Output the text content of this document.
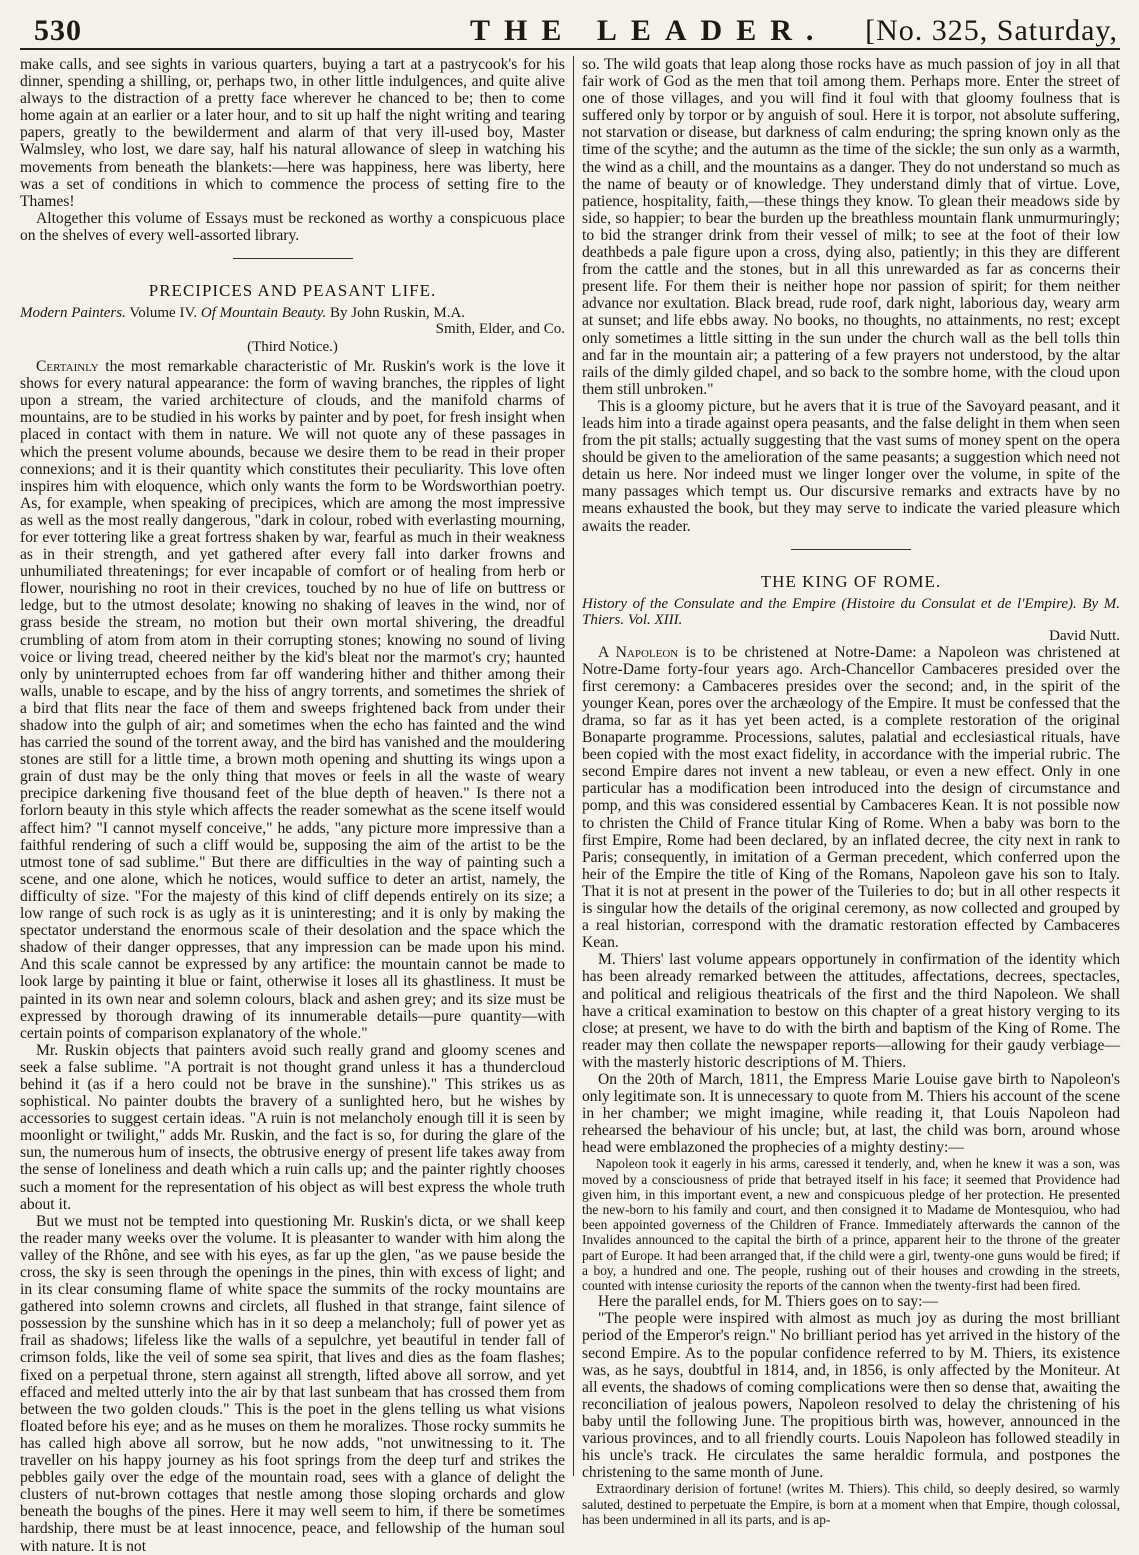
530	THE LEADER. [No. 325, Saturday,

make calls, and see sights in various quarters, buying a tart at a pastrycook's for his dinner, spending a shilling, or, perhaps two, in other little indulgences, and quite alive always to the distraction of a pretty face wherever he chanced to be; then to come home again at an earlier or a later hour, and to sit up half the night writing and tearing papers, greatly to the bewilderment and alarm of that very ill-used boy, Master Walmsley, who lost, we dare say, half his natural allowance of sleep in watching his movements from beneath the blankets:—here was happiness, here was liberty, here was a set of conditions in which to commence the process of setting fire to the Thames!

Altogether this volume of Essays must be reckoned as worthy a conspicuous place on the shelves of every well-assorted library.

PRECIPICES AND PEASANT LIFE.
Modern Painters. Volume IV. Of Mountain Beauty. By John Ruskin, M.A.
Smith, Elder, and Co.
(Third Notice.)

Certainly the most remarkable characteristic of Mr. Ruskin's work is the love it shows for every natural appearance: the form of waving branches, the ripples of light upon a stream, the varied architecture of clouds, and the manifold charms of mountains, are to be studied in his works by painter and by poet, for fresh insight when placed in contact with them in nature. We will not quote any of these passages in which the present volume abounds, because we desire them to be read in their proper connexions; and it is their quantity which constitutes their peculiarity. This love often inspires him with eloquence, which only wants the form to be Wordsworthian poetry. As, for example, when speaking of precipices, which are among the most impressive as well as the most really dangerous, "dark in colour, robed with everlasting mourning, for ever tottering like a great fortress shaken by war, fearful as much in their weakness as in their strength, and yet gathered after every fall into darker frowns and unhumiliated threatenings; for ever incapable of comfort or of healing from herb or flower, nourishing no root in their crevices, touched by no hue of life on buttress or ledge, but to the utmost desolate; knowing no shaking of leaves in the wind, nor of grass beside the stream, no motion but their own mortal shivering, the dreadful crumbling of atom from atom in their corrupting stones; knowing no sound of living voice or living tread, cheered neither by the kid's bleat nor the marmot's cry; haunted only by uninterrupted echoes from far off wandering hither and thither among their walls, unable to escape, and by the hiss of angry torrents, and sometimes the shriek of a bird that flits near the face of them and sweeps frightened back from under their shadow into the gulph of air; and sometimes when the echo has fainted and the wind has carried the sound of the torrent away, and the bird has vanished and the mouldering stones are still for a little time, a brown moth opening and shutting its wings upon a grain of dust may be the only thing that moves or feels in all the waste of weary precipice darkening five thousand feet of the blue depth of heaven." Is there not a forlorn beauty in this style which affects the reader somewhat as the scene itself would affect him? "I cannot myself conceive," he adds, "any picture more impressive than a faithful rendering of such a cliff would be, supposing the aim of the artist to be the utmost tone of sad sublime." But there are difficulties in the way of painting such a scene, and one alone, which he notices, would suffice to deter an artist, namely, the difficulty of size. "For the majesty of this kind of cliff depends entirely on its size; a low range of such rock is as ugly as it is uninteresting; and it is only by making the spectator understand the enormous scale of their desolation and the space which the shadow of their danger oppresses, that any impression can be made upon his mind. And this scale cannot be expressed by any artifice: the mountain cannot be made to look large by painting it blue or faint, otherwise it loses all its ghastliness. It must be painted in its own near and solemn colours, black and ashen grey; and its size must be expressed by thorough drawing of its innumerable details—pure quantity—with certain points of comparison explanatory of the whole."

Mr. Ruskin objects that painters avoid such really grand and gloomy scenes and seek a false sublime. "A portrait is not thought grand unless it has a thundercloud behind it (as if a hero could not be brave in the sunshine)." This strikes us as sophistical. No painter doubts the bravery of a sunlighted hero, but he wishes by accessories to suggest certain ideas. "A ruin is not melancholy enough till it is seen by moonlight or twilight," adds Mr. Ruskin, and the fact is so, for during the glare of the sun, the numerous hum of insects, the obtrusive energy of present life takes away from the sense of loneliness and death which a ruin calls up; and the painter rightly chooses such a moment for the representation of his object as will best express the whole truth about it.

But we must not be tempted into questioning Mr. Ruskin's dicta, or we shall keep the reader many weeks over the volume. It is pleasanter to wander with him along the valley of the Rhône, and see with his eyes, as far up the glen, "as we pause beside the cross, the sky is seen through the openings in the pines, thin with excess of light; and in its clear consuming flame of white space the summits of the rocky mountains are gathered into solemn crowns and circlets, all flushed in that strange, faint silence of possession by the sunshine which has in it so deep a melancholy; full of power yet as frail as shadows; lifeless like the walls of a sepulchre, yet beautiful in tender fall of crimson folds, like the veil of some sea spirit, that lives and dies as the foam flashes; fixed on a perpetual throne, stern against all strength, lifted above all sorrow, and yet effaced and melted utterly into the air by that last sunbeam that has crossed them from between the two golden clouds." This is the poet in the glens telling us what visions floated before his eye; and as he muses on them he moralizes. Those rocky summits he has called high above all sorrow, but he now adds, "not unwitnessing to it. The traveller on his happy journey as his foot springs from the deep turf and strikes the pebbles gaily over the edge of the mountain road, sees with a glance of delight the clusters of nut-brown cottages that nestle among those sloping orchards and glow beneath the boughs of the pines. Here it may well seem to him, if there be sometimes hardship, there must be at least innocence, peace, and fellowship of the human soul with nature. It is not

so. The wild goats that leap along those rocks have as much passion of joy in all that fair work of God as the men that toil among them. Perhaps more. Enter the street of one of those villages, and you will find it foul with that gloomy foulness that is suffered only by torpor or by anguish of soul. Here it is torpor, not absolute suffering, not starvation or disease, but darkness of calm enduring; the spring known only as the time of the scythe; and the autumn as the time of the sickle; the sun only as a warmth, the wind as a chill, and the mountains as a danger. They do not understand so much as the name of beauty or of knowledge. They understand dimly that of virtue. Love, patience, hospitality, faith,—these things they know. To glean their meadows side by side, so happier; to bear the burden up the breathless mountain flank unmurmuringly; to bid the stranger drink from their vessel of milk; to see at the foot of their low deathbeds a pale figure upon a cross, dying also, patiently; in this they are different from the cattle and the stones, but in all this unrewarded as far as concerns their present life. For them their is neither hope nor passion of spirit; for them neither advance nor exultation. Black bread, rude roof, dark night, laborious day, weary arm at sunset; and life ebbs away. No books, no thoughts, no attainments, no rest; except only sometimes a little sitting in the sun under the church wall as the bell tolls thin and far in the mountain air; a pattering of a few prayers not understood, by the altar rails of the dimly gilded chapel, and so back to the sombre home, with the cloud upon them still unbroken."

This is a gloomy picture, but he avers that it is true of the Savoyard peasant, and it leads him into a tirade against opera peasants, and the false delight in them when seen from the pit stalls; actually suggesting that the vast sums of money spent on the opera should be given to the amelioration of the same peasants; a suggestion which need not detain us here. Nor indeed must we linger longer over the volume, in spite of the many passages which tempt us. Our discursive remarks and extracts have by no means exhausted the book, but they may serve to indicate the varied pleasure which awaits the reader.

THE KING OF ROME.
History of the Consulate and the Empire (Histoire du Consulat et de l'Empire). By M. Thiers. Vol. XIII.
David Nutt.

A Napoleon is to be christened at Notre-Dame: a Napoleon was christened at Notre-Dame forty-four years ago. Arch-Chancellor Cambaceres presided over the first ceremony: a Cambaceres presides over the second; and, in the spirit of the younger Kean, pores over the archæology of the Empire. It must be confessed that the drama, so far as it has yet been acted, is a complete restoration of the original Bonaparte programme. Processions, salutes, palatial and ecclesiastical rituals, have been copied with the most exact fidelity, in accordance with the imperial rubric. The second Empire dares not invent a new tableau, or even a new effect. Only in one particular has a modification been introduced into the design of circumstance and pomp, and this was considered essential by Cambaceres Kean. It is not possible now to christen the Child of France titular King of Rome. When a baby was born to the first Empire, Rome had been declared, by an inflated decree, the city next in rank to Paris; consequently, in imitation of a German precedent, which conferred upon the heir of the Empire the title of King of the Romans, Napoleon gave his son to Italy. That it is not at present in the power of the Tuileries to do; but in all other respects it is singular how the details of the original ceremony, as now collected and grouped by a real historian, correspond with the dramatic restoration effected by Cambaceres Kean.

M. Thiers' last volume appears opportunely in confirmation of the identity which has been already remarked between the attitudes, affectations, decrees, spectacles, and political and religious theatricals of the first and the third Napoleon. We shall have a critical examination to bestow on this chapter of a great history verging to its close; at present, we have to do with the birth and baptism of the King of Rome. The reader may then collate the newspaper reports—allowing for their gaudy verbiage—with the masterly historic descriptions of M. Thiers.

On the 20th of March, 1811, the Empress Marie Louise gave birth to Napoleon's only legitimate son. It is unnecessary to quote from M. Thiers his account of the scene in her chamber; we might imagine, while reading it, that Louis Napoleon had rehearsed the behaviour of his uncle; but, at last, the child was born, around whose head were emblazoned the prophecies of a mighty destiny:—

Napoleon took it eagerly in his arms, caressed it tenderly, and, when he knew it was a son, was moved by a consciousness of pride that betrayed itself in his face; it seemed that Providence had given him, in this important event, a new and conspicuous pledge of her protection. He presented the new-born to his family and court, and then consigned it to Madame de Montesquiou, who had been appointed governess of the Children of France. Immediately afterwards the cannon of the Invalides announced to the capital the birth of a prince, apparent heir to the throne of the greater part of Europe. It had been arranged that, if the child were a girl, twenty-one guns would be fired; if a boy, a hundred and one. The people, rushing out of their houses and crowding in the streets, counted with intense curiosity the reports of the cannon when the twenty-first had been fired.

Here the parallel ends, for M. Thiers goes on to say:—

"The people were inspired with almost as much joy as during the most brilliant period of the Emperor's reign." No brilliant period has yet arrived in the history of the second Empire. As to the popular confidence referred to by M. Thiers, its existence was, as he says, doubtful in 1814, and, in 1856, is only affected by the Moniteur. At all events, the shadows of coming complications were then so dense that, awaiting the reconciliation of jealous powers, Napoleon resolved to delay the christening of his baby until the following June. The propitious birth was, however, announced in the various provinces, and to all friendly courts. Louis Napoleon has followed steadily in his uncle's track. He circulates the same heraldic formula, and postpones the christening to the same month of June.

Extraordinary derision of fortune! (writes M. Thiers). This child, so deeply desired, so warmly saluted, destined to perpetuate the Empire, is born at a moment when that Empire, though colossal, has been undermined in all its parts, and is ap-
